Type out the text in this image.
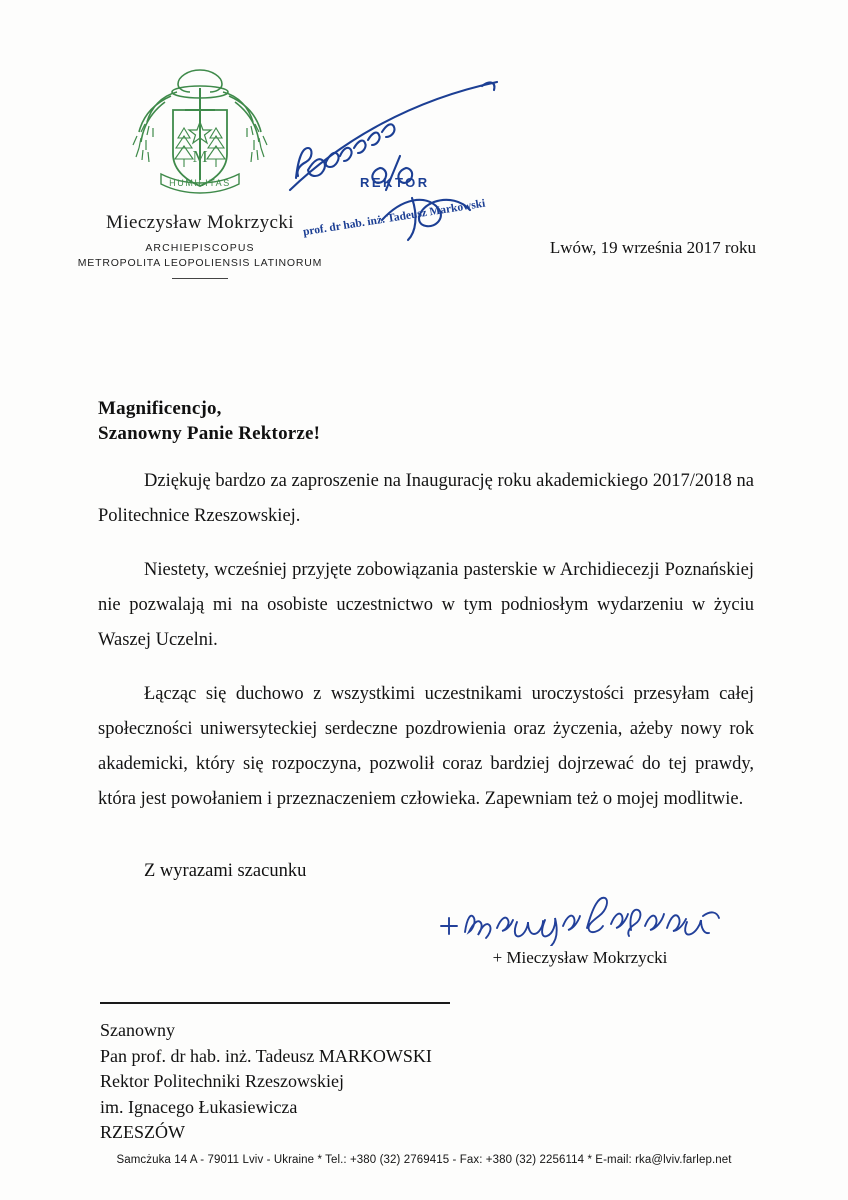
M
HUMILITAS
Mieczysław Mokrzycki
ARCHIEPISCOPUS
METROPOLITA LEOPOLIENSIS LATINORUM
REKTOR
prof. dr hab. inż. Tadeusz Markowski
Lwów, 19 września 2017 roku
Magnificencjo,
Szanowny Panie Rektorze!

Dziękuję bardzo za zaproszenie na Inaugurację roku akademickiego 2017/2018 na Politechnice Rzeszowskiej.

Niestety, wcześniej przyjęte zobowiązania pasterskie w Archidiecezji Poznańskiej nie pozwalają mi na osobiste uczestnictwo w tym podniosłym wydarzeniu w życiu Waszej Uczelni.

Łącząc się duchowo z wszystkimi uczestnikami uroczystości przesyłam całej społeczności uniwersyteckiej serdeczne pozdrowienia oraz życzenia, ażeby nowy rok akademicki, który się rozpoczyna, pozwolił coraz bardziej dojrzewać do tej prawdy, która jest powołaniem i przeznaczeniem człowieka. Zapewniam też o mojej modlitwie.

Z wyrazami szacunku
+ Mieczysław Mokrzycki
Szanowny
Pan prof. dr hab. inż. Tadeusz MARKOWSKI
Rektor Politechniki Rzeszowskiej
im. Ignacego Łukasiewicza
RZESZÓW
Samcżuka 14 A - 79011 Lviv - Ukraine * Tel.: +380 (32) 2769415 - Fax: +380 (32) 2256114 * E-mail: rka@lviv.farlep.net
